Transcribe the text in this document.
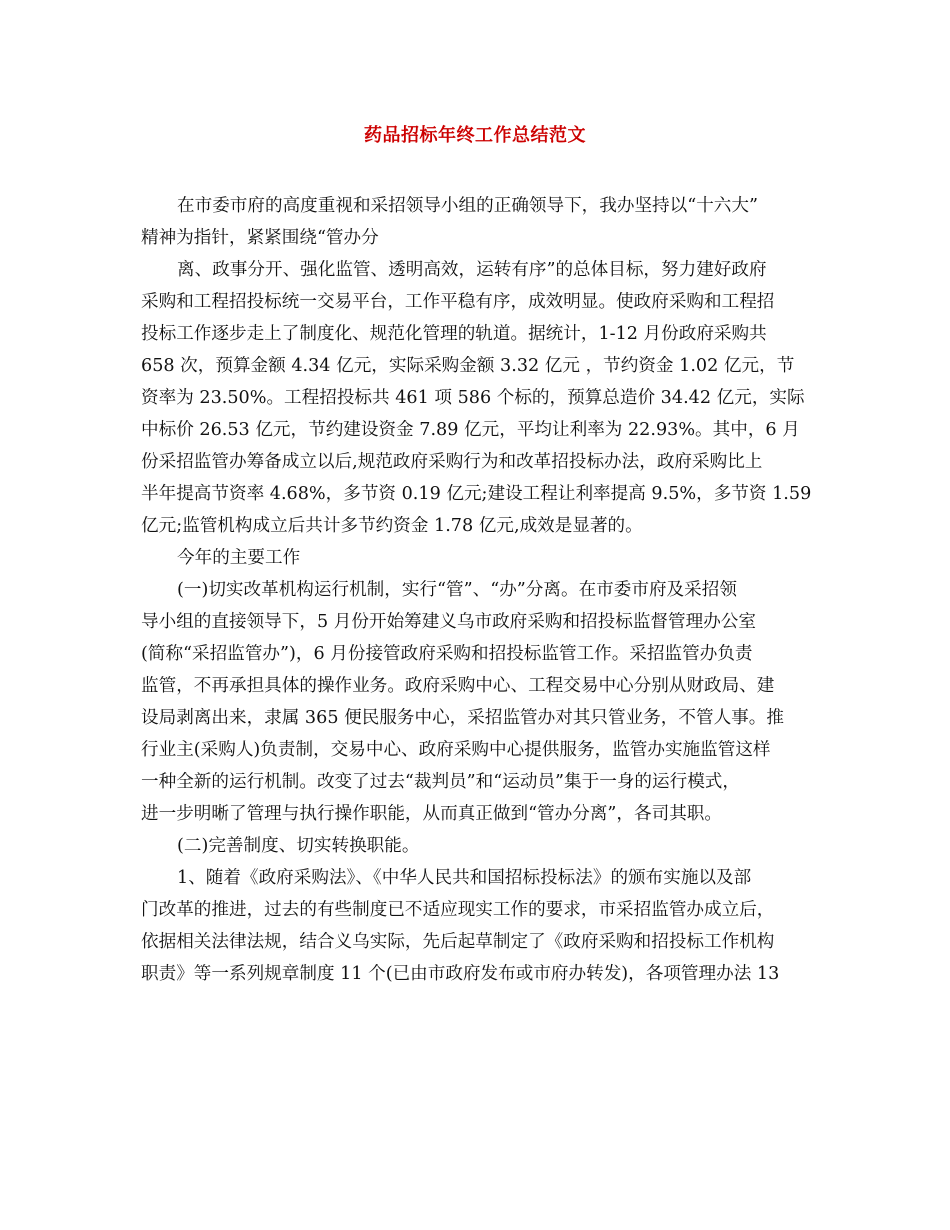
药品招标年终工作总结范文
在市委市府的高度重视和采招领导小组的正确领导下，我办坚持以“十六大”
精神为指针，紧紧围绕“管办分
离、政事分开、强化监管、透明高效，运转有序”的总体目标，努力建好政府
采购和工程招投标统一交易平台，工作平稳有序，成效明显。使政府采购和工程招
投标工作逐步走上了制度化、规范化管理的轨道。据统计，1-12 月份政府采购共
658 次，预算金额 4.34 亿元，实际采购金额 3.32 亿元 ，节约资金 1.02 亿元，节
资率为 23.50%。工程招投标共 461 项 586 个标的，预算总造价 34.42 亿元，实际
中标价 26.53 亿元，节约建设资金 7.89 亿元，平均让利率为 22.93%。其中，6 月
份采招监管办筹备成立以后,规范政府采购行为和改革招投标办法，政府采购比上
半年提高节资率 4.68%，多节资 0.19 亿元;建设工程让利率提高 9.5%，多节资 1.59
亿元;监管机构成立后共计多节约资金 1.78 亿元,成效是显著的。
今年的主要工作
(一)切实改革机构运行机制，实行“管”、“办”分离。在市委市府及采招领
导小组的直接领导下，5 月份开始筹建义乌市政府采购和招投标监督管理办公室
(简称“采招监管办”)，6 月份接管政府采购和招投标监管工作。采招监管办负责
监管，不再承担具体的操作业务。政府采购中心、工程交易中心分别从财政局、建
设局剥离出来，隶属 365 便民服务中心，采招监管办对其只管业务，不管人事。推
行业主(采购人)负责制，交易中心、政府采购中心提供服务，监管办实施监管这样
一种全新的运行机制。改变了过去“裁判员”和“运动员”集于一身的运行模式，
进一步明晰了管理与执行操作职能，从而真正做到“管办分离”，各司其职。
(二)完善制度、切实转换职能。
1、随着《政府采购法》、《中华人民共和国招标投标法》的颁布实施以及部
门改革的推进，过去的有些制度已不适应现实工作的要求，市采招监管办成立后，
依据相关法律法规，结合义乌实际，先后起草制定了《政府采购和招投标工作机构
职责》等一系列规章制度 11 个(已由市政府发布或市府办转发)，各项管理办法 13
